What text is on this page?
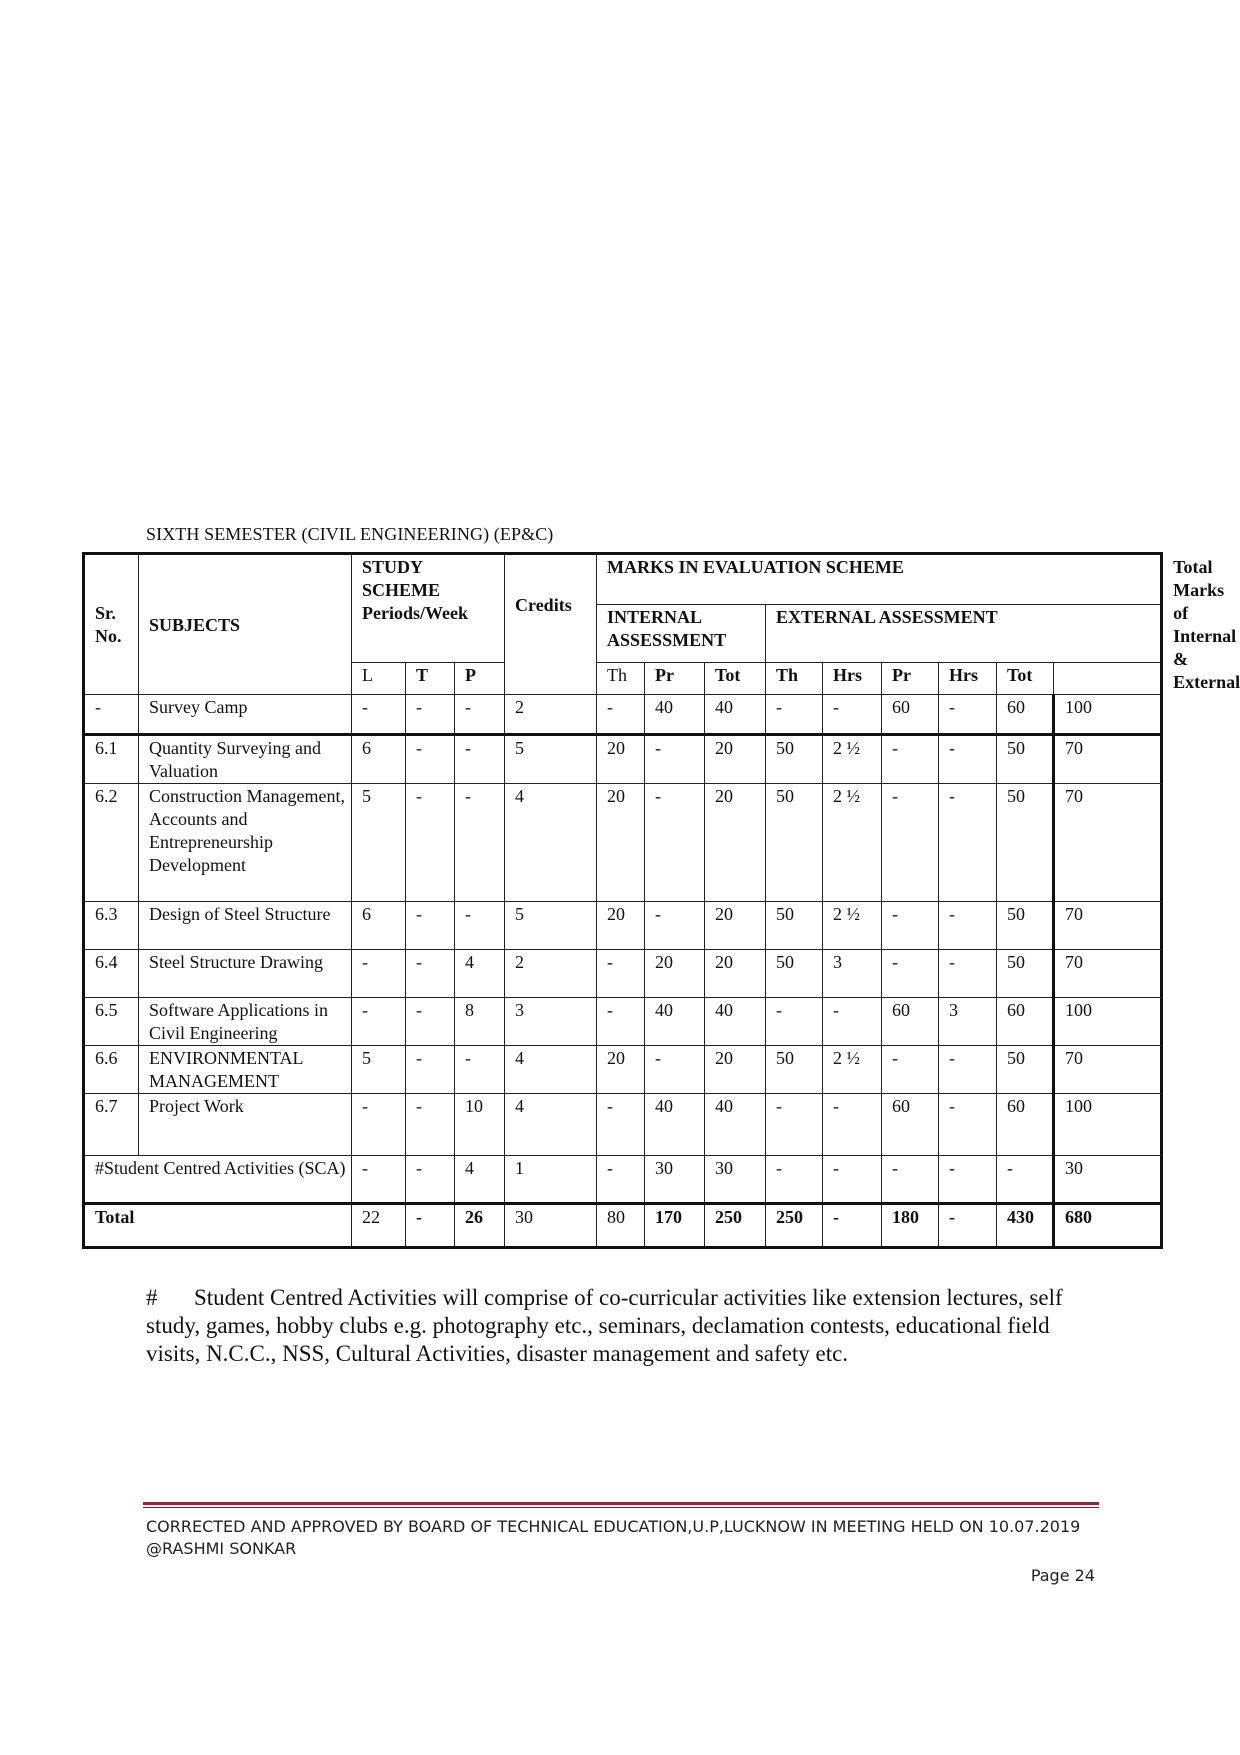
SIXTH SEMESTER (CIVIL ENGINEERING) (EP&C)
Sr. No.	SUBJECTS	STUDY SCHEME Periods/Week			Credits	MARKS IN EVALUATION SCHEME									Total Marks of Internal & External
						INTERNAL ASSESSMENT			EXTERNAL ASSESSMENT						
		L	T	P		Th	Pr	Tot	Th	Hrs	Pr	Hrs	Tot		
-	Survey Camp	-	-	-	2	-	40	40	-	-	60	-	60	100	
6.1	Quantity Surveying and Valuation	6	-	-	5	20	-	20	50	2 ½	-	-	50	70	
6.2	Construction Management, Accounts and Entrepreneurship Development	5	-	-	4	20	-	20	50	2 ½	-	-	50	70	
6.3	Design of Steel Structure	6	-	-	5	20	-	20	50	2 ½	-	-	50	70	
6.4	Steel Structure Drawing	-	-	4	2	-	20	20	50	3	-	-	50	70	
6.5	Software Applications in Civil Engineering	-	-	8	3	-	40	40	-	-	60	3	60	100	
6.6	ENVIRONMENTAL MANAGEMENT	5	-	-	4	20	-	20	50	2 ½	-	-	50	70	
6.7	Project Work	-	-	10	4	-	40	40	-	-	60	-	60	100	
#Student Centred Activities (SCA)		-	-	4	1	-	30	30	-	-	-	-	-	30	
Total		22	-	26	30	80	170	250	250	-	180	-	430	680	
# Student Centred Activities will comprise of co-curricular activities like extension lectures, self study, games, hobby clubs e.g. photography etc., seminars, declamation contests, educational field visits, N.C.C., NSS, Cultural Activities, disaster management and safety etc.
CORRECTED AND APPROVED BY BOARD OF TECHNICAL EDUCATION,U.P,LUCKNOW IN MEETING HELD ON 10.07.2019 @RASHMI SONKAR
Page 24
